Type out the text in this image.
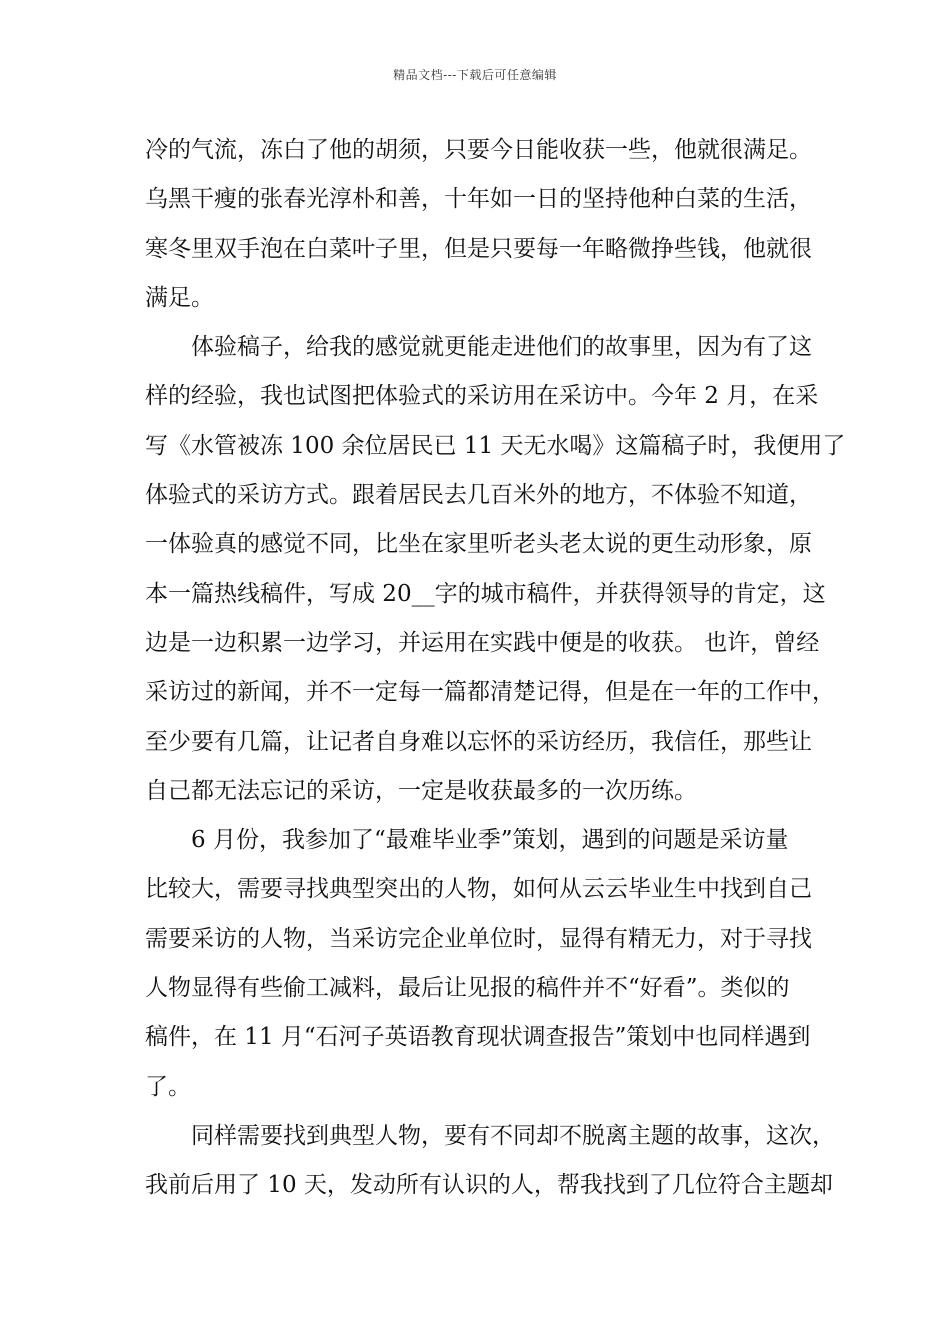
精品文档---下载后可任意编辑
冷的气流，冻白了他的胡须，只要今日能收获一些，他就很满足。
乌黑干瘦的张春光淳朴和善，十年如一日的坚持他种白菜的生活，
寒冬里双手泡在白菜叶子里，但是只要每一年略微挣些钱，他就很
满足。
体验稿子，给我的感觉就更能走进他们的故事里，因为有了这
样的经验，我也试图把体验式的采访用在采访中。今年 2 月，在采
写《水管被冻 100 余位居民已 11 天无水喝》这篇稿子时，我便用了
体验式的采访方式。跟着居民去几百米外的地方，不体验不知道，
一体验真的感觉不同，比坐在家里听老头老太说的更生动形象，原
本一篇热线稿件，写成 20__字的城市稿件，并获得领导的肯定，这
边是一边积累一边学习，并运用在实践中便是的收获。 也许，曾经
采访过的新闻，并不一定每一篇都清楚记得，但是在一年的工作中，
至少要有几篇，让记者自身难以忘怀的采访经历，我信任，那些让
自己都无法忘记的采访，一定是收获最多的一次历练。
6 月份，我参加了“最难毕业季”策划，遇到的问题是采访量
比较大，需要寻找典型突出的人物，如何从云云毕业生中找到自己
需要采访的人物，当采访完企业单位时，显得有精无力，对于寻找
人物显得有些偷工减料，最后让见报的稿件并不“好看”。类似的
稿件，在 11 月“石河子英语教育现状调查报告”策划中也同样遇到
了。
同样需要找到典型人物，要有不同却不脱离主题的故事，这次，
我前后用了 10 天，发动所有认识的人，帮我找到了几位符合主题却
